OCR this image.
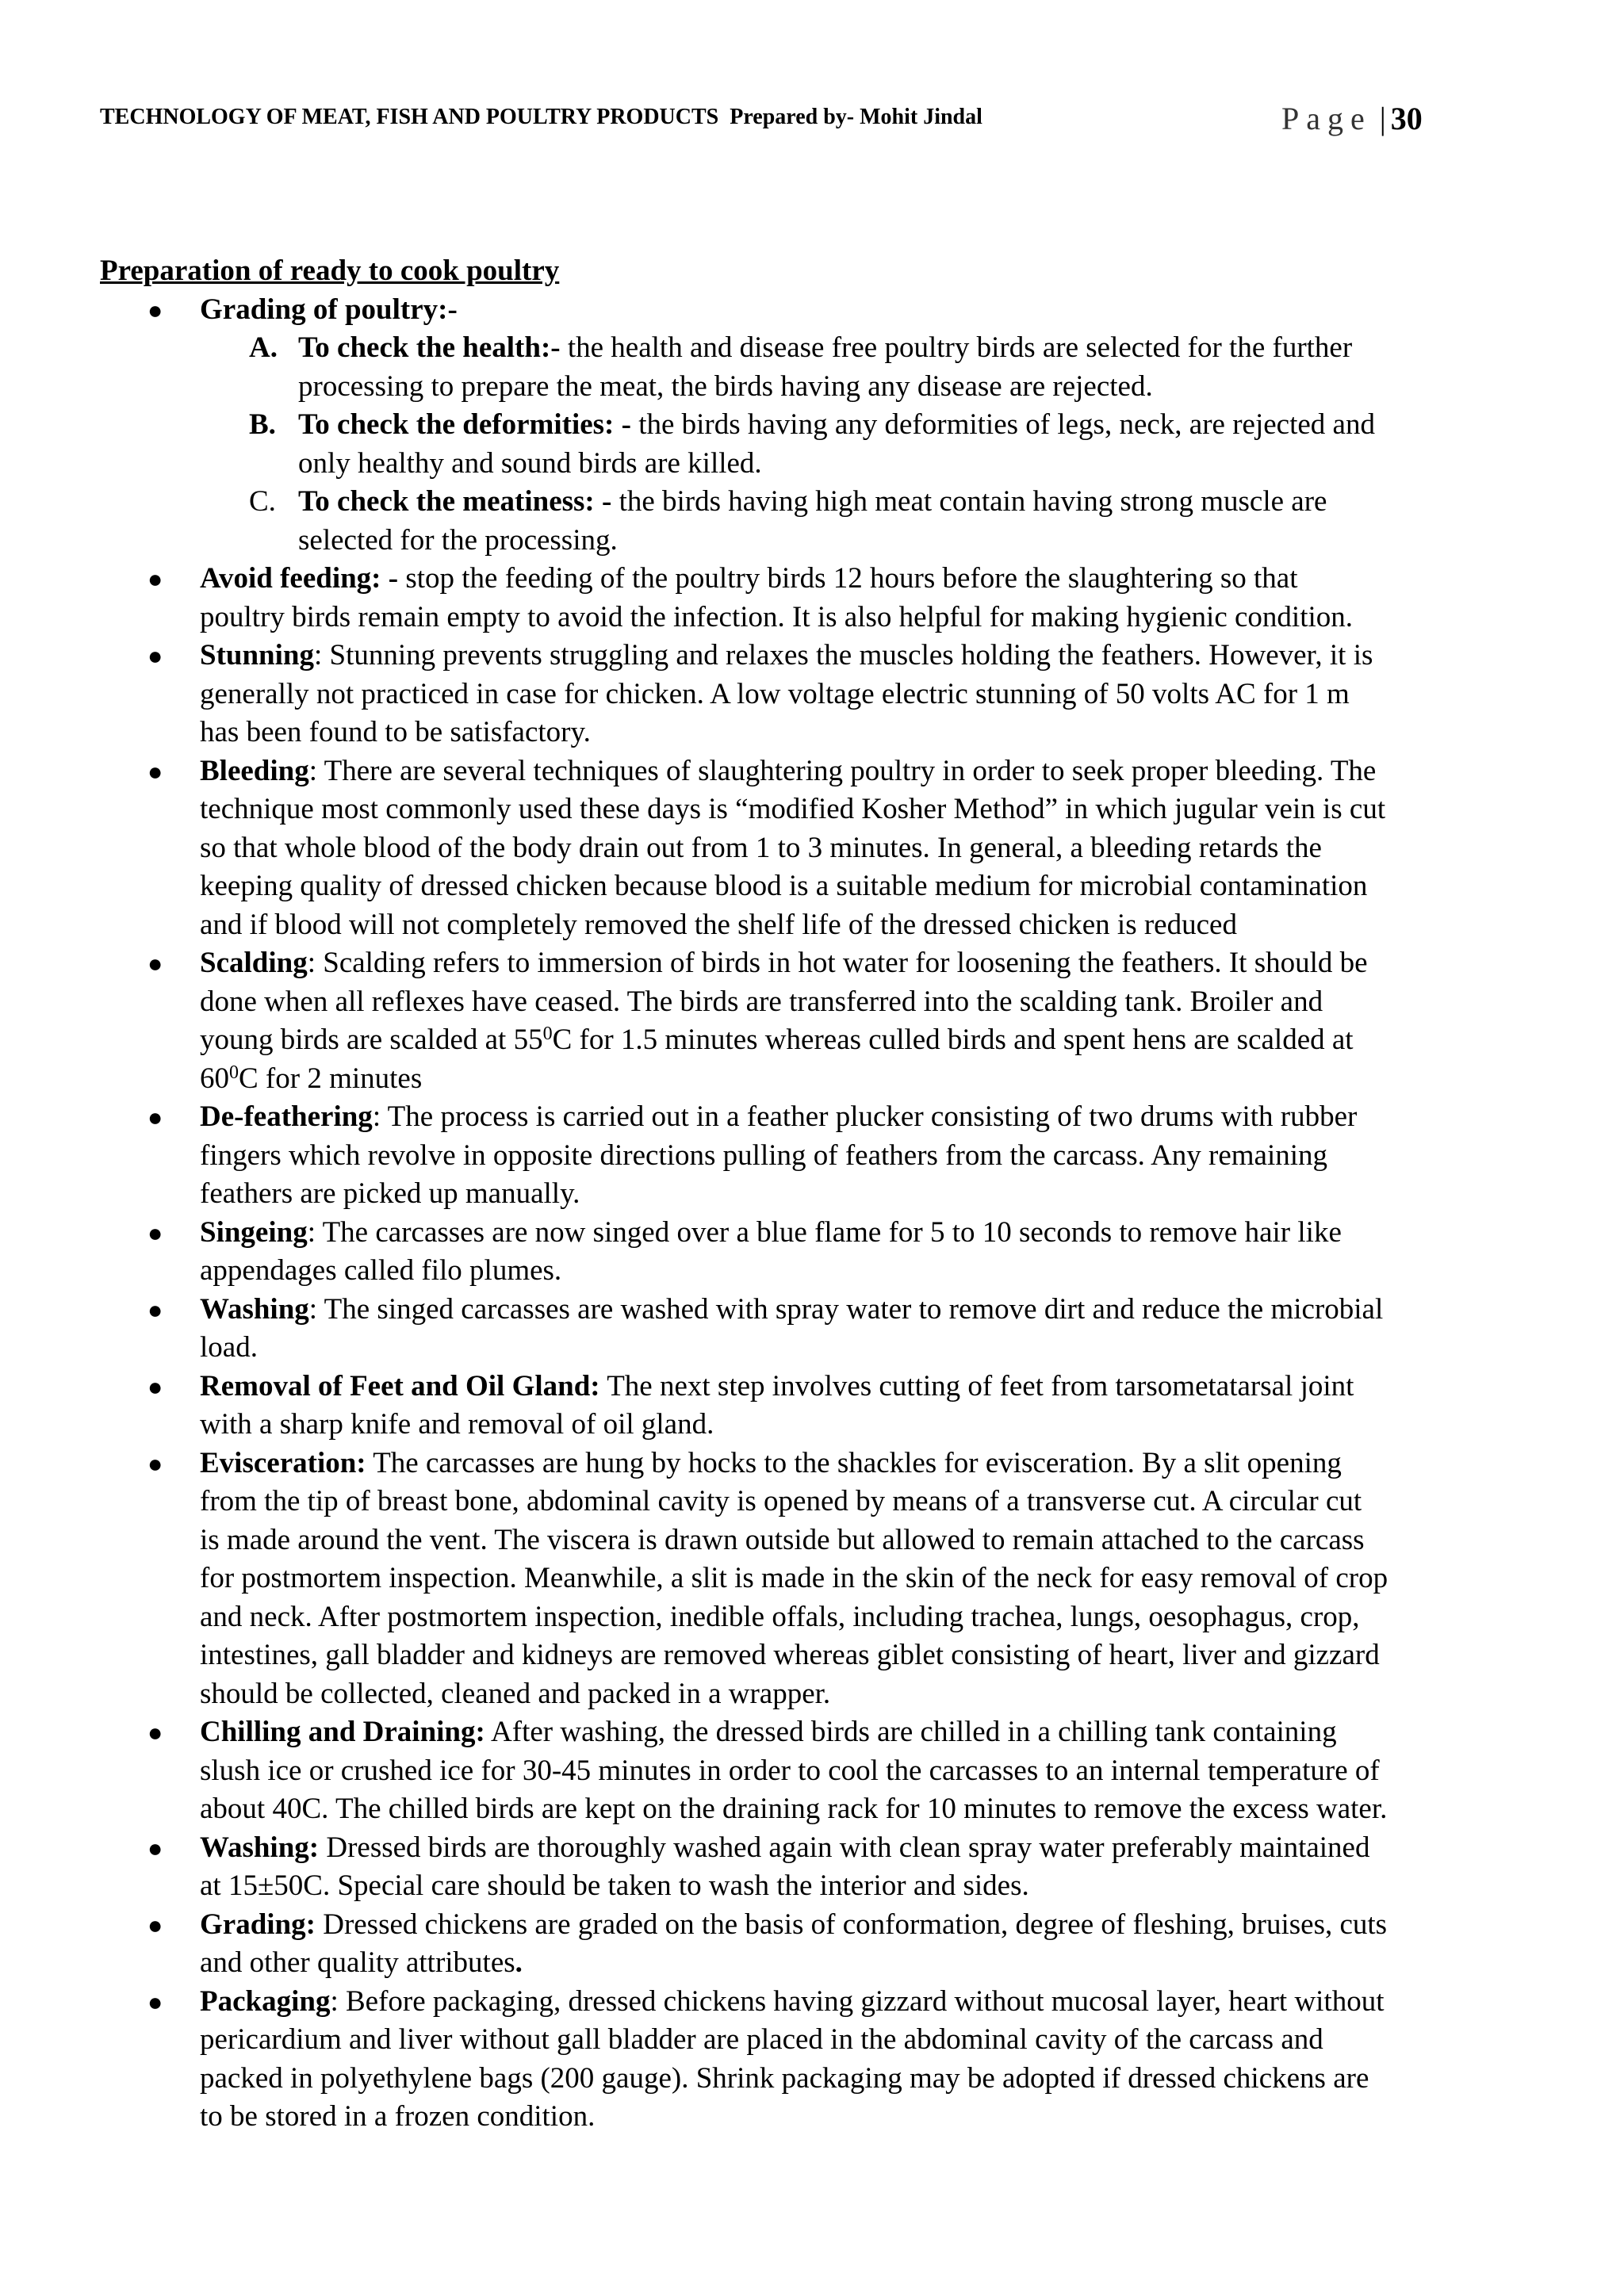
TECHNOLOGY OF MEAT, FISH AND POULTRY PRODUCTS Prepared by- Mohit Jindal	Page | 30
Preparation of ready to cook poultry
● Grading of poultry:-
A. To check the health:- the health and disease free poultry birds are selected for the further
processing to prepare the meat, the birds having any disease are rejected.
B. To check the deformities: - the birds having any deformities of legs, neck, are rejected and
only healthy and sound birds are killed.
C. To check the meatiness: - the birds having high meat contain having strong muscle are
selected for the processing.
● Avoid feeding: - stop the feeding of the poultry birds 12 hours before the slaughtering so that
poultry birds remain empty to avoid the infection. It is also helpful for making hygienic condition.
● Stunning: Stunning prevents struggling and relaxes the muscles holding the feathers. However, it is
generally not practiced in case for chicken. A low voltage electric stunning of 50 volts AC for 1 m
has been found to be satisfactory.
● Bleeding: There are several techniques of slaughtering poultry in order to seek proper bleeding. The
technique most commonly used these days is “modified Kosher Method” in which jugular vein is cut
so that whole blood of the body drain out from 1 to 3 minutes. In general, a bleeding retards the
keeping quality of dressed chicken because blood is a suitable medium for microbial contamination
and if blood will not completely removed the shelf life of the dressed chicken is reduced
● Scalding: Scalding refers to immersion of birds in hot water for loosening the feathers. It should be
done when all reflexes have ceased. The birds are transferred into the scalding tank. Broiler and
young birds are scalded at $55^0C$ for 1.5 minutes whereas culled birds and spent hens are scalded at
$60^0C$ for 2 minutes
● De-feathering: The process is carried out in a feather plucker consisting of two drums with rubber
fingers which revolve in opposite directions pulling of feathers from the carcass. Any remaining
feathers are picked up manually.
● Singeing: The carcasses are now singed over a blue flame for 5 to 10 seconds to remove hair like
appendages called filo plumes.
● Washing: The singed carcasses are washed with spray water to remove dirt and reduce the microbial
load.
● Removal of Feet and Oil Gland: The next step involves cutting of feet from tarsometatarsal joint
with a sharp knife and removal of oil gland.
● Evisceration: The carcasses are hung by hocks to the shackles for evisceration. By a slit opening
from the tip of breast bone, abdominal cavity is opened by means of a transverse cut. A circular cut
is made around the vent. The viscera is drawn outside but allowed to remain attached to the carcass
for postmortem inspection. Meanwhile, a slit is made in the skin of the neck for easy removal of crop
and neck. After postmortem inspection, inedible offals, including trachea, lungs, oesophagus, crop,
intestines, gall bladder and kidneys are removed whereas giblet consisting of heart, liver and gizzard
should be collected, cleaned and packed in a wrapper.
● Chilling and Draining: After washing, the dressed birds are chilled in a chilling tank containing
slush ice or crushed ice for 30-45 minutes in order to cool the carcasses to an internal temperature of
about 40C. The chilled birds are kept on the draining rack for 10 minutes to remove the excess water.
● Washing: Dressed birds are thoroughly washed again with clean spray water preferably maintained
at 15±50C. Special care should be taken to wash the interior and sides.
● Grading: Dressed chickens are graded on the basis of conformation, degree of fleshing, bruises, cuts
and other quality attributes.
● Packaging: Before packaging, dressed chickens having gizzard without mucosal layer, heart without
pericardium and liver without gall bladder are placed in the abdominal cavity of the carcass and
packed in polyethylene bags (200 gauge). Shrink packaging may be adopted if dressed chickens are
to be stored in a frozen condition.
